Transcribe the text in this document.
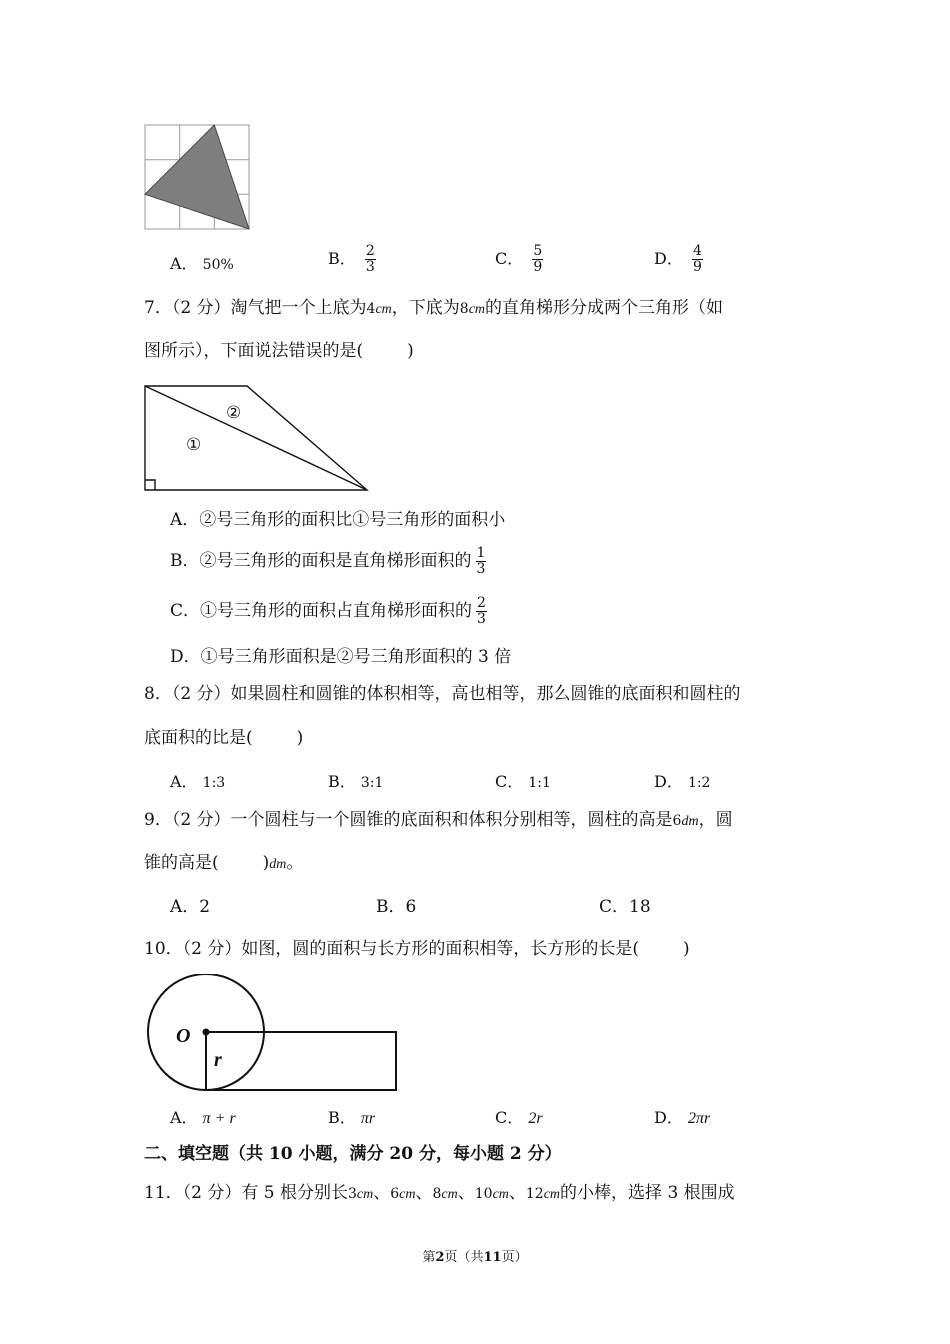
A． 50%	B． $\frac{2}{3}$	C． $\frac{5}{9}$	D． $\frac{4}{9}$
7．（2 分）淘气把一个上底为4cm，下底为8cm的直角梯形分成两个三角形（如
图所示），下面说法错误的是(	)
①
②
A．②号三角形的面积比①号三角形的面积小
B．②号三角形的面积是直角梯形面积的 $\frac{1}{3}$
C．①号三角形的面积占直角梯形面积的 $\frac{2}{3}$
D．①号三角形面积是②号三角形面积的 3 倍
8．（2 分）如果圆柱和圆锥的体积相等，高也相等，那么圆锥的底面积和圆柱的
底面积的比是(	)
A． 1:3	B． 3:1	C． 1:1	D． 1:2
9．（2 分）一个圆柱与一个圆锥的底面积和体积分别相等，圆柱的高是6dm，圆
锥的高是(	)dm。
A．2	B．6	C．18
10．（2 分）如图，圆的面积与长方形的面积相等，长方形的长是(	)
O
r
A． π + r	B． πr	C． 2r	D． 2πr
二、填空题（共 10 小题，满分 20 分，每小题 2 分）
11．（2 分）有 5 根分别长3cm、6cm、8cm、10cm、12cm的小棒，选择 3 根围成
第2页（共11页）
